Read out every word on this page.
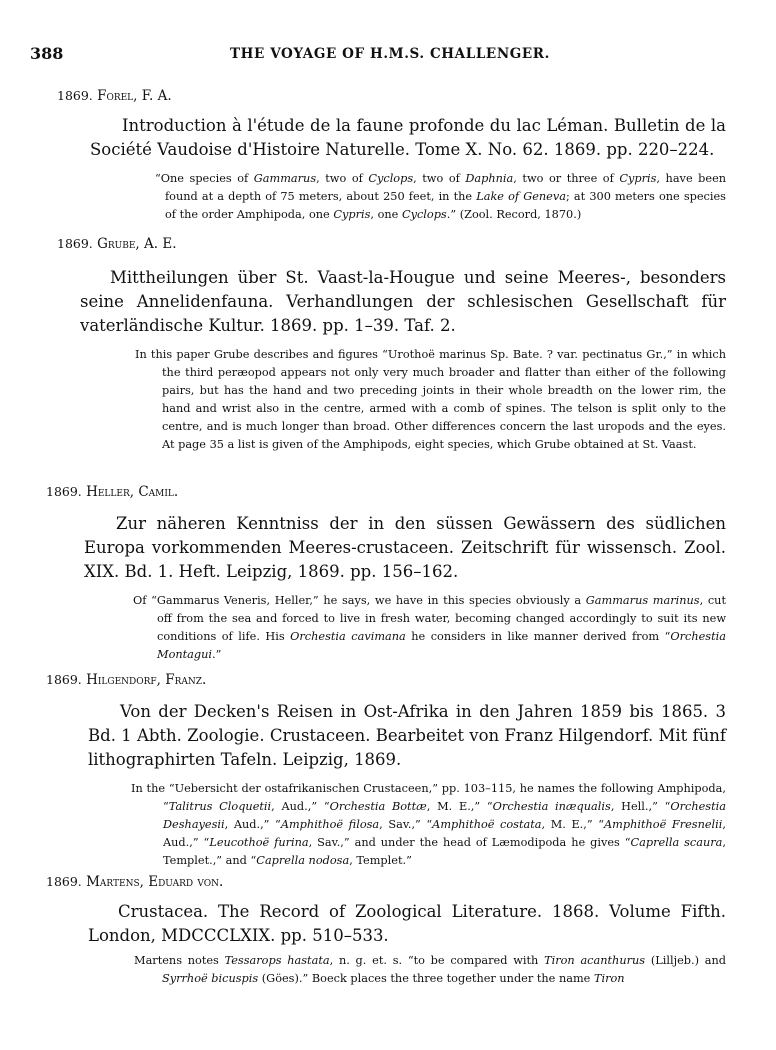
388	THE VOYAGE OF H.M.S. CHALLENGER.
1869. Forel, F. A.
Introduction à l'étude de la faune profonde du lac Léman. Bulletin de la Société Vaudoise d'Histoire Naturelle. Tome X. No. 62. 1869. pp. 220–224.
“One species of Gammarus, two of Cyclops, two of Daphnia, two or three of Cypris, have been found at a depth of 75 meters, about 250 feet, in the Lake of Geneva; at 300 meters one species of the order Amphipoda, one Cypris, one Cyclops.” (Zool. Record, 1870.)
1869. Grube, A. E.
Mittheilungen über St. Vaast-la-Hougue und seine Meeres-, besonders seine Annelidenfauna. Verhandlungen der schlesischen Gesellschaft für vaterländische Kultur. 1869. pp. 1–39. Taf. 2.
In this paper Grube describes and figures “Urothoë marinus Sp. Bate. ? var. pectinatus Gr.,” in which the third peræopod appears not only very much broader and flatter than either of the following pairs, but has the hand and two preceding joints in their whole breadth on the lower rim, the hand and wrist also in the centre, armed with a comb of spines. The telson is split only to the centre, and is much longer than broad. Other differences concern the last uropods and the eyes. At page 35 a list is given of the Amphipods, eight species, which Grube obtained at St. Vaast.
1869. Heller, Camil.
Zur näheren Kenntniss der in den süssen Gewässern des südlichen Europa vorkommenden Meeres-crustaceen. Zeitschrift für wissensch. Zool. XIX. Bd. 1. Heft. Leipzig, 1869. pp. 156–162.
Of “Gammarus Veneris, Heller,” he says, we have in this species obviously a Gammarus marinus, cut off from the sea and forced to live in fresh water, becoming changed accordingly to suit its new conditions of life. His Orchestia cavimana he considers in like manner derived from “Orchestia Montagui.”
1869. Hilgendorf, Franz.
Von der Decken's Reisen in Ost-Afrika in den Jahren 1859 bis 1865. 3 Bd. 1 Abth. Zoologie. Crustaceen. Bearbeitet von Franz Hilgendorf. Mit fünf lithographirten Tafeln. Leipzig, 1869.
In the “Uebersicht der ostafrikanischen Crustaceen,” pp. 103–115, he names the following Amphipoda, “Talitrus Cloquetii, Aud.,” “Orchestia Bottæ, M. E.,” “Orchestia inæqualis, Hell.,” “Orchestia Deshayesii, Aud.,” “Amphithoë filosa, Sav.,” “Amphithoë costata, M. E.,” “Amphithoë Fresnelii, Aud.,” “Leucothoë furina, Sav.,” and under the head of Læmodipoda he gives “Caprella scaura, Templet.,” and “Caprella nodosa, Templet.”
1869. Martens, Eduard von.
Crustacea. The Record of Zoological Literature. 1868. Volume Fifth. London, MDCCCLXIX. pp. 510–533.
Martens notes Tessarops hastata, n. g. et. s. “to be compared with Tiron acanthurus (Lilljeb.) and Syrrhoë bicuspis (Göes).” Boeck places the three together under the name Tiron
